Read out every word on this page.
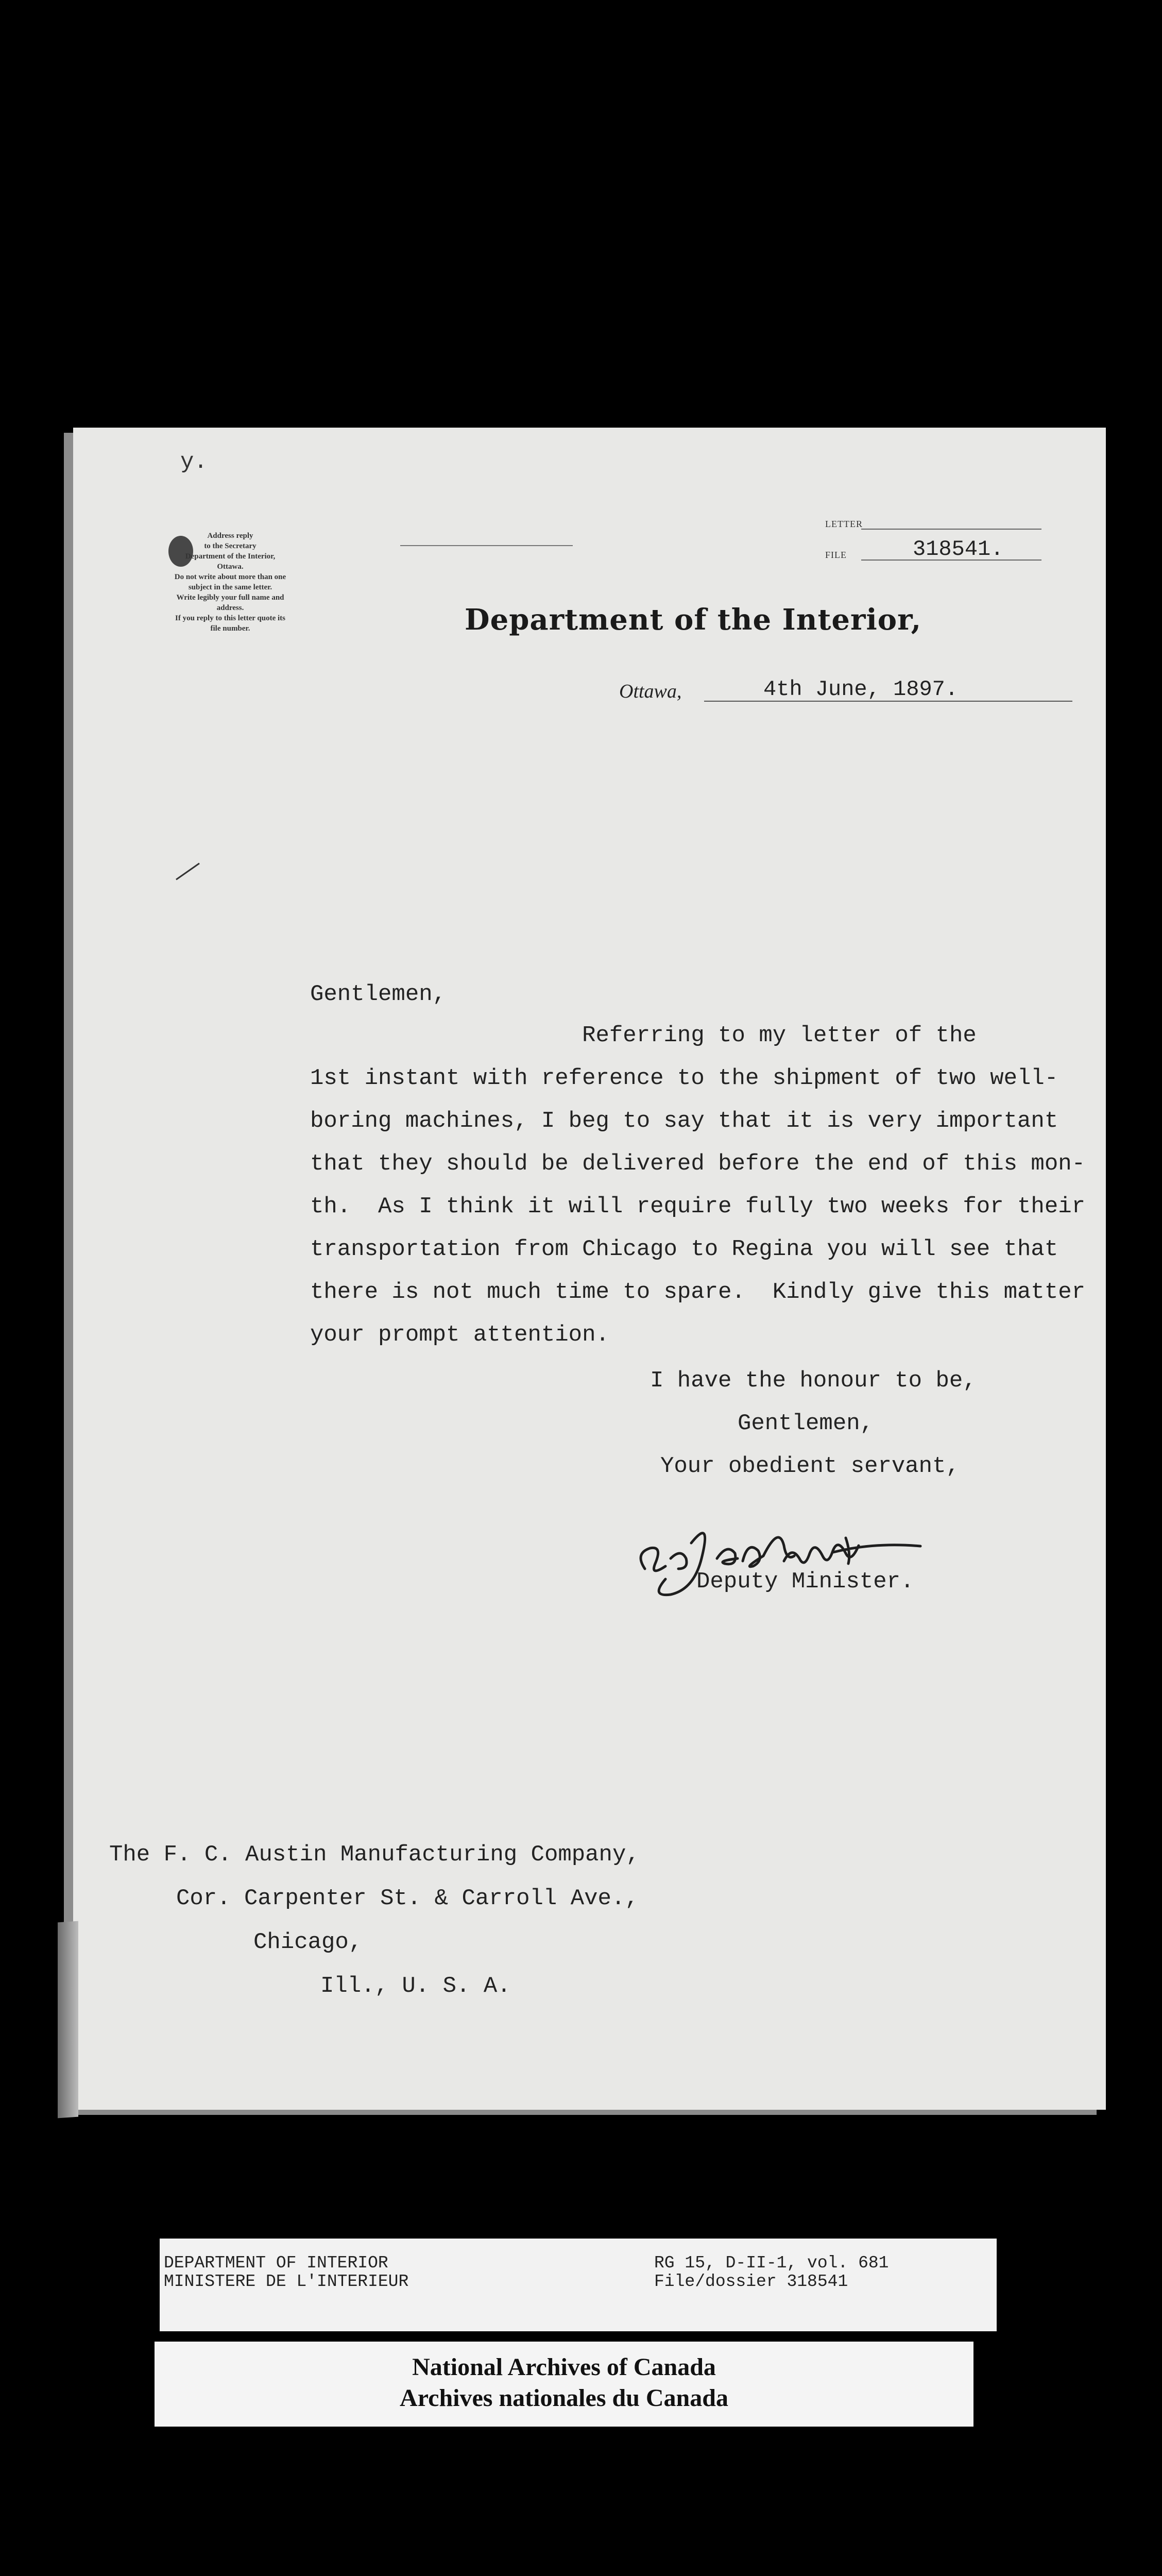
y.
Address reply
to the Secretary
Department of the Interior,
Ottawa.
Do not write about more than one
subject in the same letter.
Write legibly your full name and
address.
If you reply to this letter quote its
file number.
LETTER
FILE	318541.
Department of the Interior,
Ottawa,	4th June, 1897.
Gentlemen,
Referring to my letter of the
1st instant with reference to the shipment of two well-
boring machines, I beg to say that it is very important
that they should be delivered before the end of this mon-
th.  As I think it will require fully two weeks for their
transportation from Chicago to Regina you will see that
there is not much time to spare.  Kindly give this matter
your prompt attention.
I have the honour to be,
Gentlemen,
Your obedient servant,
Deputy Minister.
The F. C. Austin Manufacturing Company,
Cor. Carpenter St. & Carroll Ave.,
Chicago,
Ill., U. S. A.
DEPARTMENT OF INTERIOR
MINISTERE DE L'INTERIEUR
RG 15, D-II-1, vol. 681
File/dossier 318541
National Archives of Canada
Archives nationales du Canada
